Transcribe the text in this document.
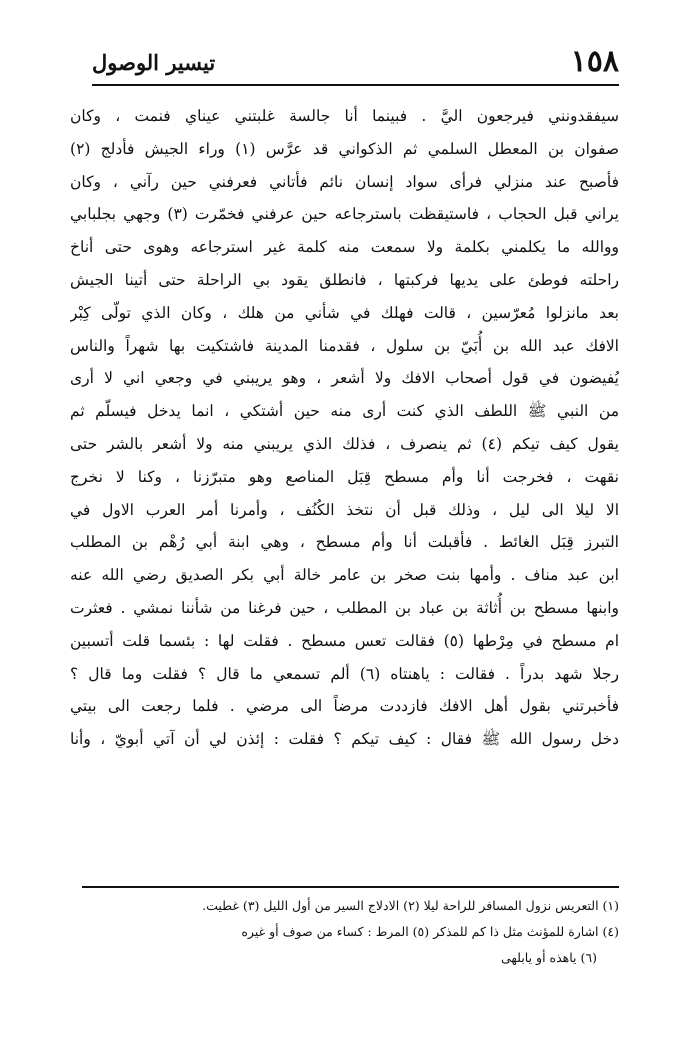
١٥٨
تيسير الوصول
سيفقدونني فيرجعون اليَّ . فبينما أنا جالسة غلبتني عيناي فنمت ، وكان
صفوان بن المعطل السلمي ثم الذكواني قد عرَّس (١) وراء الجيش فأدلج (٢)
فأصبح عند منزلي فرأى سواد إنسان نائم فأتاني فعرفني حين رآني ، وكان
يراني قبل الحجاب ، فاستيقظت باسترجاعه حين عرفني فخمّرت (٣) وجهي بجلبابي
ووالله ما يكلمني بكلمة ولا سمعت منه كلمة غير استرجاعه وهوى حتى أناخ
راحلته فوطئ على يديها فركبتها ، فانطلق يقود بي الراحلة حتى أتينا الجيش
بعد مانزلوا مُعرّسين ، قالت فهلك في شأني من هلك ، وكان الذي تولّى كِبْر
الافك عبد الله بن أُبَيّ بن سلول ، فقدمنا المدينة فاشتكيت بها شهراً والناس
يُفيضون في قول أصحاب الافك ولا أشعر ، وهو يريبني في وجعي اني لا أرى
من النبي ﷺ اللطف الذي كنت أرى منه حين أشتكي ، انما يدخل فيسلّم ثم
يقول كيف تيكم (٤) ثم ينصرف ، فذلك الذي يريبني منه ولا أشعر بالشر حتى
نقهت ، فخرجت أنا وأم مسطح قِبَل المناصع وهو متبرّزنا ، وكنا لا نخرج
الا ليلا الى ليل ، وذلك قبل أن نتخذ الكُنُف ، وأمرنا أمر العرب الاول في
التبرز قِبَل الغائط . فأقبلت أنا وأم مسطح ، وهي ابنة أبي رُهْم بن المطلب
ابن عبد مناف . وأمها بنت صخر بن عامر خالة أبي بكر الصديق رضي الله عنه
وابنها مسطح بن أُثاثة بن عباد بن المطلب ، حين فرغنا من شأننا نمشي . فعثرت
ام مسطح في مِرْطها (٥) فقالت تعس مسطح . فقلت لها : بئسما قلت أتسبين
رجلا شهد بدراً . فقالت : ياهنتاه (٦) ألم تسمعي ما قال ؟ فقلت وما قال ؟
فأخبرتني بقول أهل الافك فازددت مرضاً الى مرضي . فلما رجعت الى بيتي
دخل رسول الله ﷺ فقال : كيف تيكم ؟ فقلت : إئذن لي أن آتي أبويّ ، وأنا
(١) التعريس نزول المسافر للراحة ليلا (٢) الادلاج السير من أول الليل (٣) غطيت.
(٤) اشارة للمؤنث مثل ذا كم للمذكر (٥) المرط : كساء من صوف أو غيره
(٦) ياهذه أو يابلهى
